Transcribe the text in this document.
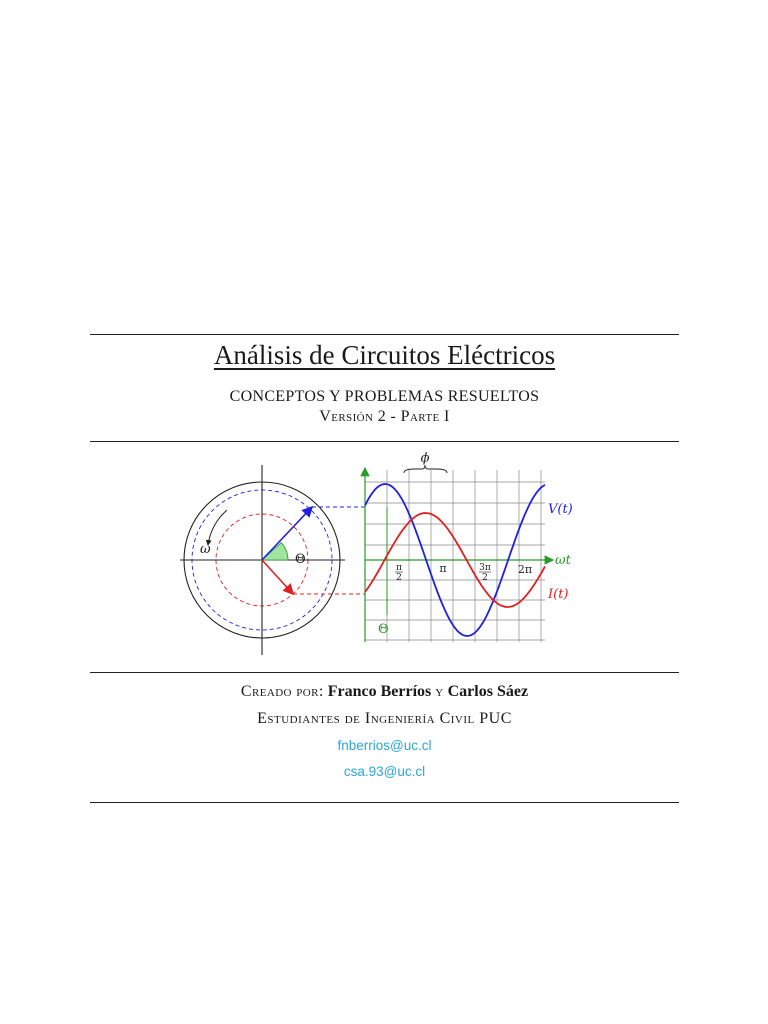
Análisis de Circuitos Eléctricos
CONCEPTOS Y PROBLEMAS RESUELTOS
Versión 2 - Parte I
Θ
ω
ωt
Θ
π
2
π	3π
2
2π
V(t)
I(t)
ϕ
Creado por: Franco Berríos y Carlos Sáez
Estudiantes de Ingeniería Civil PUC
fnberrios@uc.cl
csa.93@uc.cl
